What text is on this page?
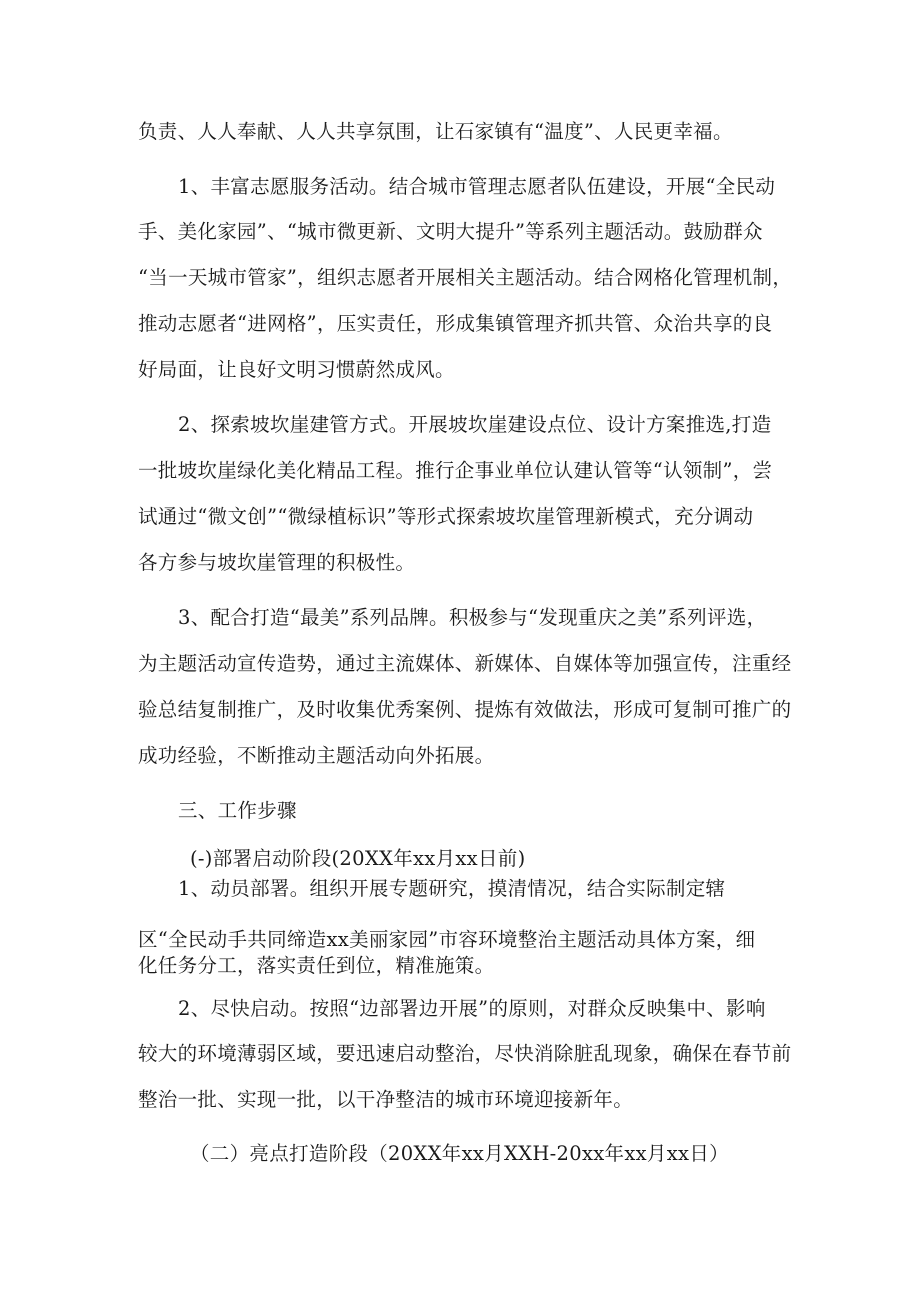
负责、人人奉献、人人共享氛围，让石家镇有“温度”、人民更幸福。
1、丰富志愿服务活动。结合城市管理志愿者队伍建设，开展“全民动
手、美化家园”、“城市微更新、文明大提升”等系列主题活动。鼓励群众
“当一天城市管家”，组织志愿者开展相关主题活动。结合网格化管理机制，
推动志愿者“进网格”，压实责任，形成集镇管理齐抓共管、众治共享的良
好局面，让良好文明习惯蔚然成风。
2、探索坡坎崖建管方式。开展坡坎崖建设点位、设计方案推选,打造
一批坡坎崖绿化美化精品工程。推行企事业单位认建认管等“认领制”，尝
试通过“微文创”“微绿植标识”等形式探索坡坎崖管理新模式，充分调动
各方参与坡坎崖管理的积极性。
3、配合打造“最美”系列品牌。积极参与“发现重庆之美”系列评选，
为主题活动宣传造势，通过主流媒体、新媒体、自媒体等加强宣传，注重经
验总结复制推广，及时收集优秀案例、提炼有效做法，形成可复制可推广的
成功经验，不断推动主题活动向外拓展。
三、工作步骤
(-)部署启动阶段(20XX年xx月xx日前)
1、动员部署。组织开展专题研究，摸清情况，结合实际制定辖
区“全民动手共同缔造xx美丽家园”市容环境整治主题活动具体方案，细
化任务分工，落实责任到位，精准施策。
2、尽快启动。按照“边部署边开展”的原则，对群众反映集中、影响
较大的环境薄弱区域，要迅速启动整治，尽快消除脏乱现象，确保在春节前
整治一批、实现一批，以干净整洁的城市环境迎接新年。
（二）亮点打造阶段（20XX年xx月XXH-20xx年xx月xx日）
